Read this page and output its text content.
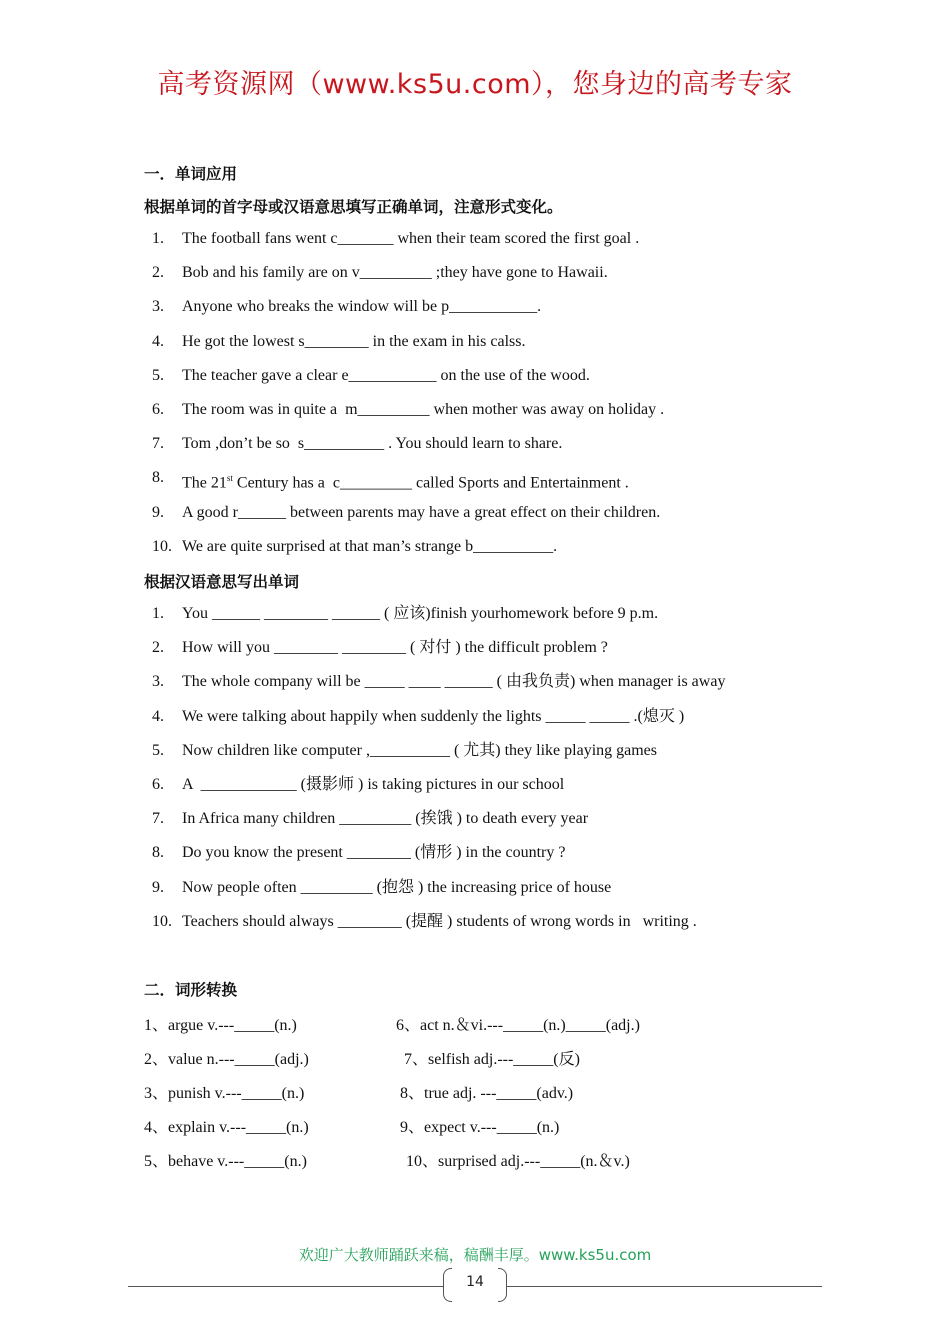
高考资源网（www.ks5u.com），您身边的高考专家
一．单词应用
根据单词的首字母或汉语意思填写正确单词，注意形式变化。
1.	The football fans went c_______ when their team scored the first goal .
2.	Bob and his family are on v_________ ;they have gone to Hawaii.
3.	Anyone who breaks the window will be p___________.
4.	He got the lowest s________ in the exam in his calss.
5.	The teacher gave a clear e___________ on the use of the wood.
6.	The room was in quite a  m_________ when mother was away on holiday .
7.	Tom ,don’t be so  s__________ . You should learn to share.
8.	The 21st Century has a  c_________ called Sports and Entertainment .
9.	A good r______ between parents may have a great effect on their children.
10. We are quite surprised at that man’s strange b__________.
根据汉语意思写出单词
1.	You ______ ________ ______ ( 应该)finish yourhomework before 9 p.m.
2.	How will you ________ ________ ( 对付 ) the difficult problem ?
3.	The whole company will be _____ ____ ______ ( 由我负责) when manager is away
4.	We were talking about happily when suddenly the lights _____ _____ .(熄灭 )
5.	Now children like computer ,__________ ( 尤其) they like playing games
6.	A  ____________ (摄影师 ) is taking pictures in our school
7.	In Africa many children _________ (挨饿 ) to death every year
8.	Do you know the present ________ (情形 ) in the country ?
9.	Now people often _________ (抱怨 ) the increasing price of house
10. Teachers should always ________ (提醒 ) students of wrong words in   writing .
二．词形转换
1、argue v.---_____(n.)
2、value n.---_____(adj.)
3、punish v.---_____(n.)
4、explain v.---_____(n.)
5、behave v.---_____(n.)
6、act n.＆vi.---_____(n.)_____(adj.)
7、selfish adj.---_____(反)
8、true adj. ---_____(adv.)
9、expect v.---_____(n.)
10、surprised adj.---_____(n.＆v.)
欢迎广大教师踊跃来稿，稿酬丰厚。www.ks5u.com
14
